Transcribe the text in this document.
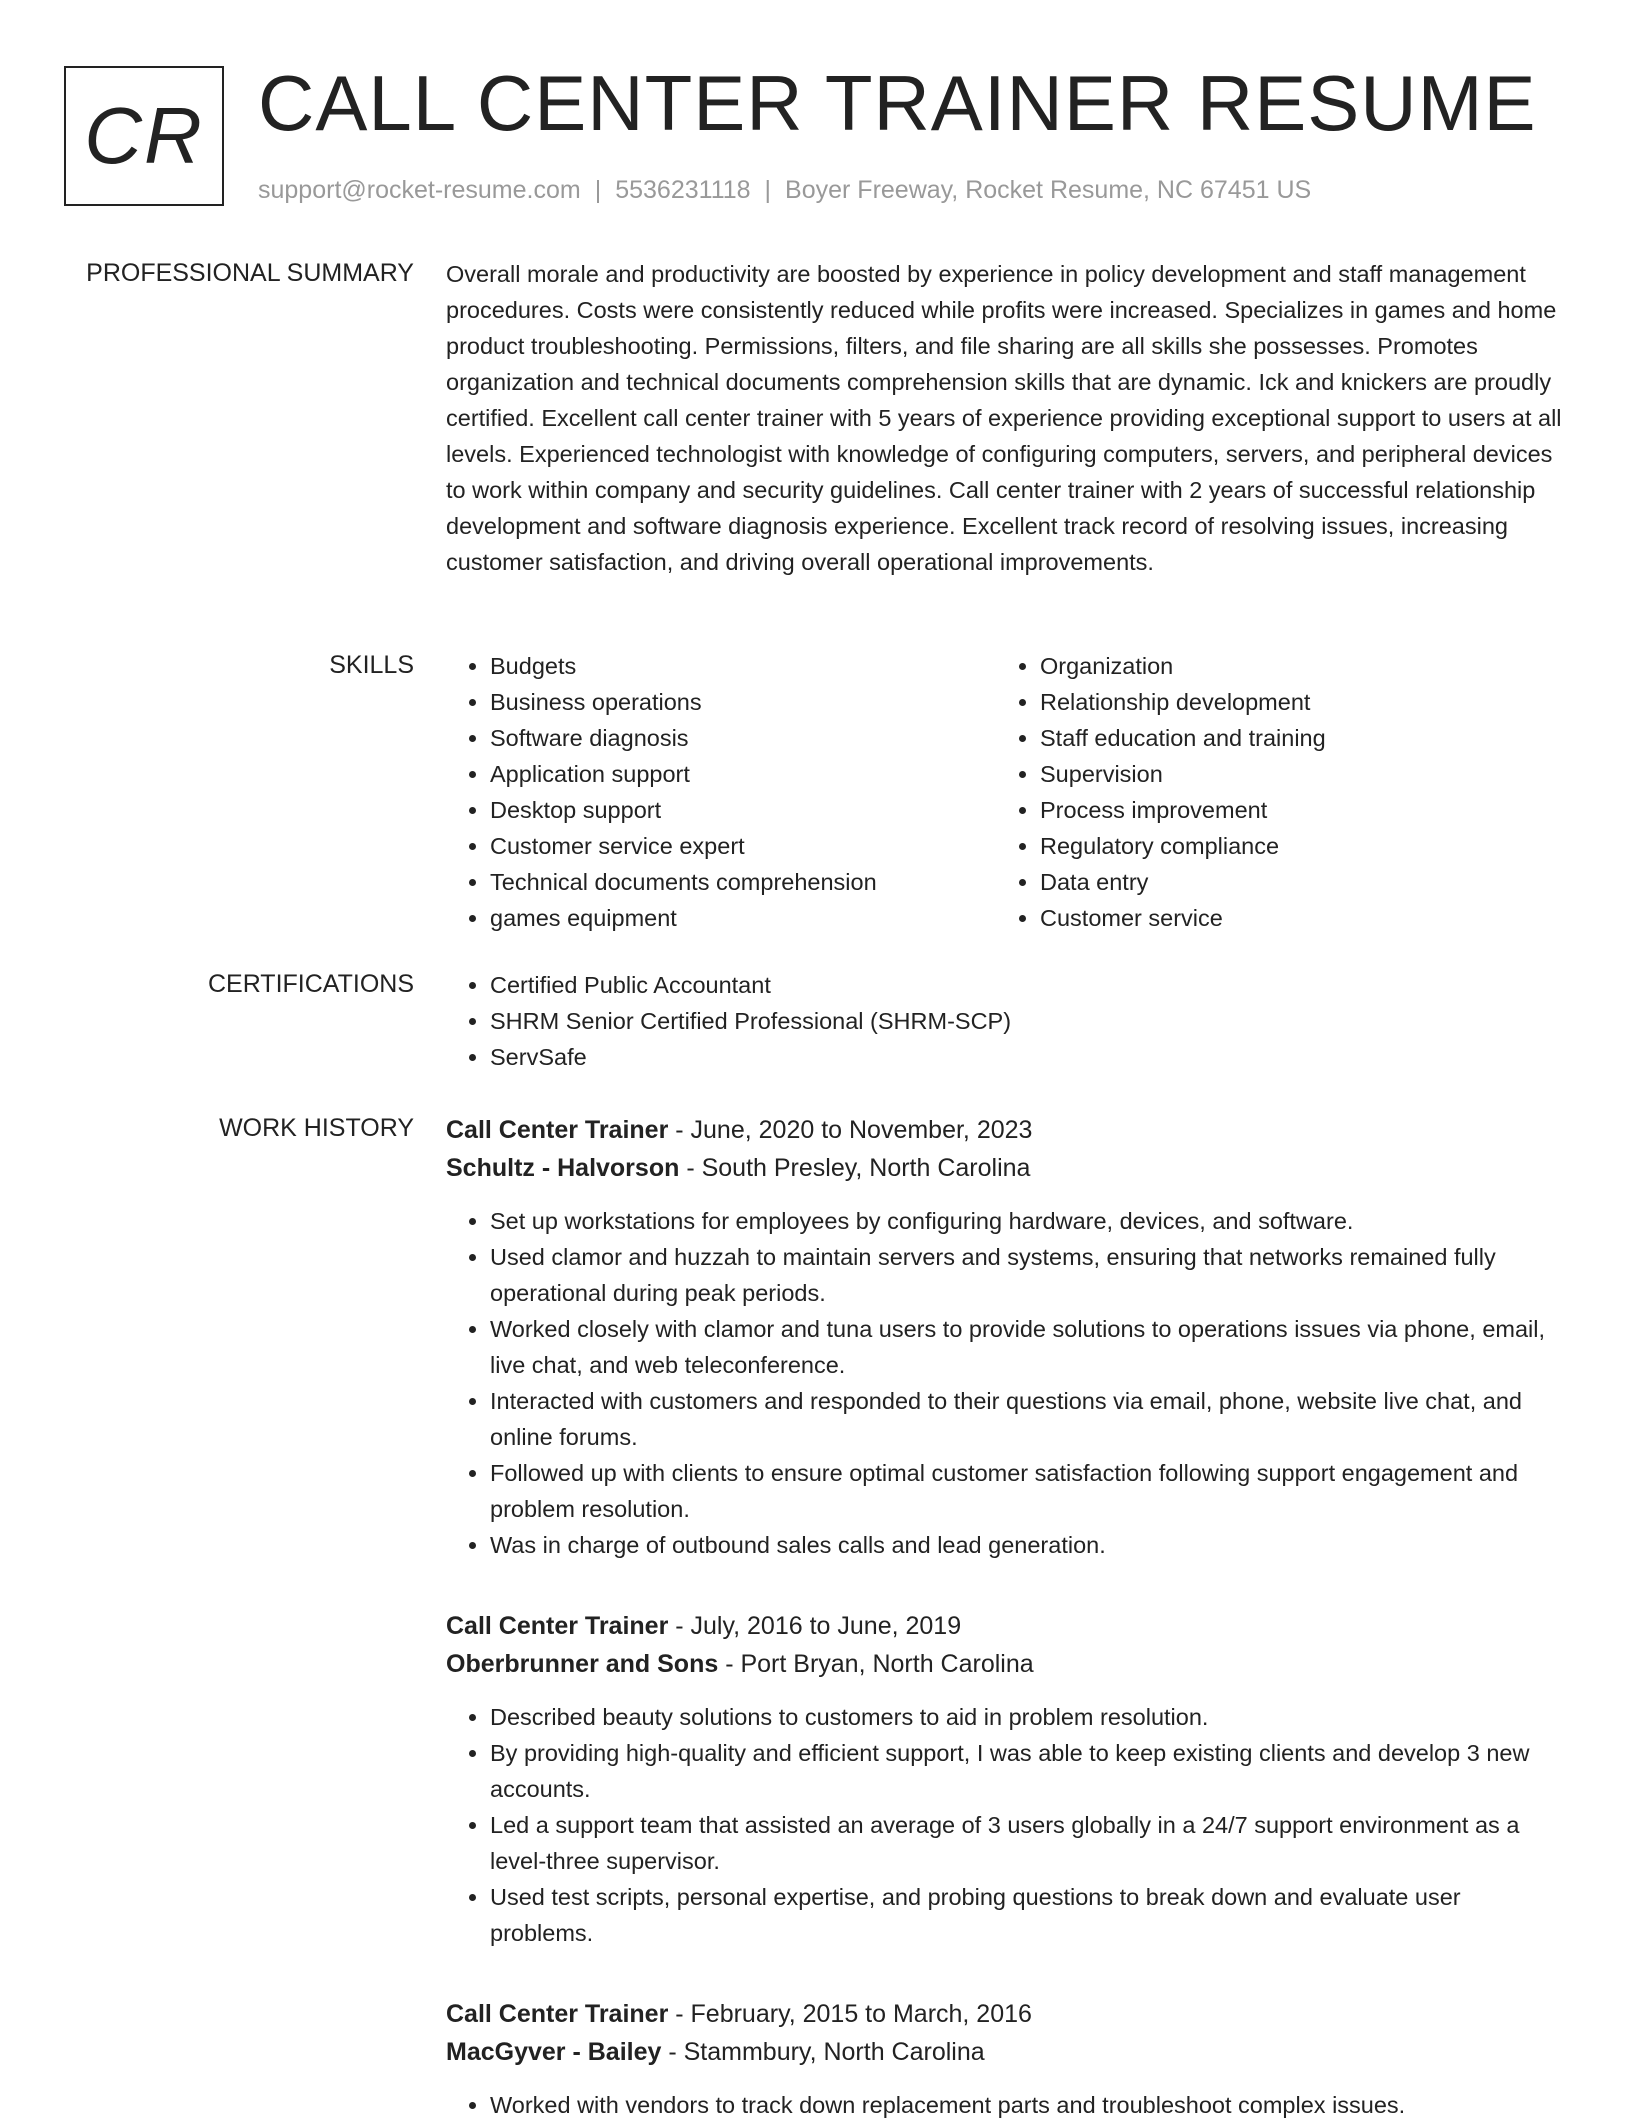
CR CALL CENTER TRAINER RESUME
support@rocket-resume.com | 5536231118 | Boyer Freeway, Rocket Resume, NC 67451 US
PROFESSIONAL SUMMARY Overall morale and productivity are boosted by experience in policy development and staff management procedures. Costs were consistently reduced while profits were increased. Specializes in games and home product troubleshooting. Permissions, filters, and file sharing are all skills she possesses. Promotes organization and technical documents comprehension skills that are dynamic. Ick and knickers are proudly certified. Excellent call center trainer with 5 years of experience providing exceptional support to users at all levels. Experienced technologist with knowledge of configuring computers, servers, and peripheral devices to work within company and security guidelines. Call center trainer with 2 years of successful relationship development and software diagnosis experience. Excellent track record of resolving issues, increasing customer satisfaction, and driving overall operational improvements.
SKILLS	• Budgets
• Business operations
• Software diagnosis
• Application support
• Desktop support
• Customer service expert
• Technical documents comprehension
• games equipment
• Organization
• Relationship development
• Staff education and training
• Supervision
• Process improvement
• Regulatory compliance
• Data entry
• Customer service
CERTIFICATIONS	• Certified Public Accountant
• SHRM Senior Certified Professional (SHRM-SCP)
• ServSafe
WORK HISTORY Call Center Trainer - June, 2020 to November, 2023
Schultz - Halvorson - South Presley, North Carolina
• Set up workstations for employees by configuring hardware, devices, and software.
• Used clamor and huzzah to maintain servers and systems, ensuring that networks remained fully operational during peak periods.
• Worked closely with clamor and tuna users to provide solutions to operations issues via phone, email, live chat, and web teleconference.
• Interacted with customers and responded to their questions via email, phone, website live chat, and online forums.
• Followed up with clients to ensure optimal customer satisfaction following support engagement and problem resolution.
• Was in charge of outbound sales calls and lead generation.
Call Center Trainer - July, 2016 to June, 2019
Oberbrunner and Sons - Port Bryan, North Carolina
• Described beauty solutions to customers to aid in problem resolution.
• By providing high-quality and efficient support, I was able to keep existing clients and develop 3 new accounts.
• Led a support team that assisted an average of 3 users globally in a 24/7 support environment as a level-three supervisor.
• Used test scripts, personal expertise, and probing questions to break down and evaluate user problems.
Call Center Trainer - February, 2015 to March, 2016
MacGyver - Bailey - Stammbury, North Carolina
• Worked with vendors to track down replacement parts and troubleshoot complex issues.
